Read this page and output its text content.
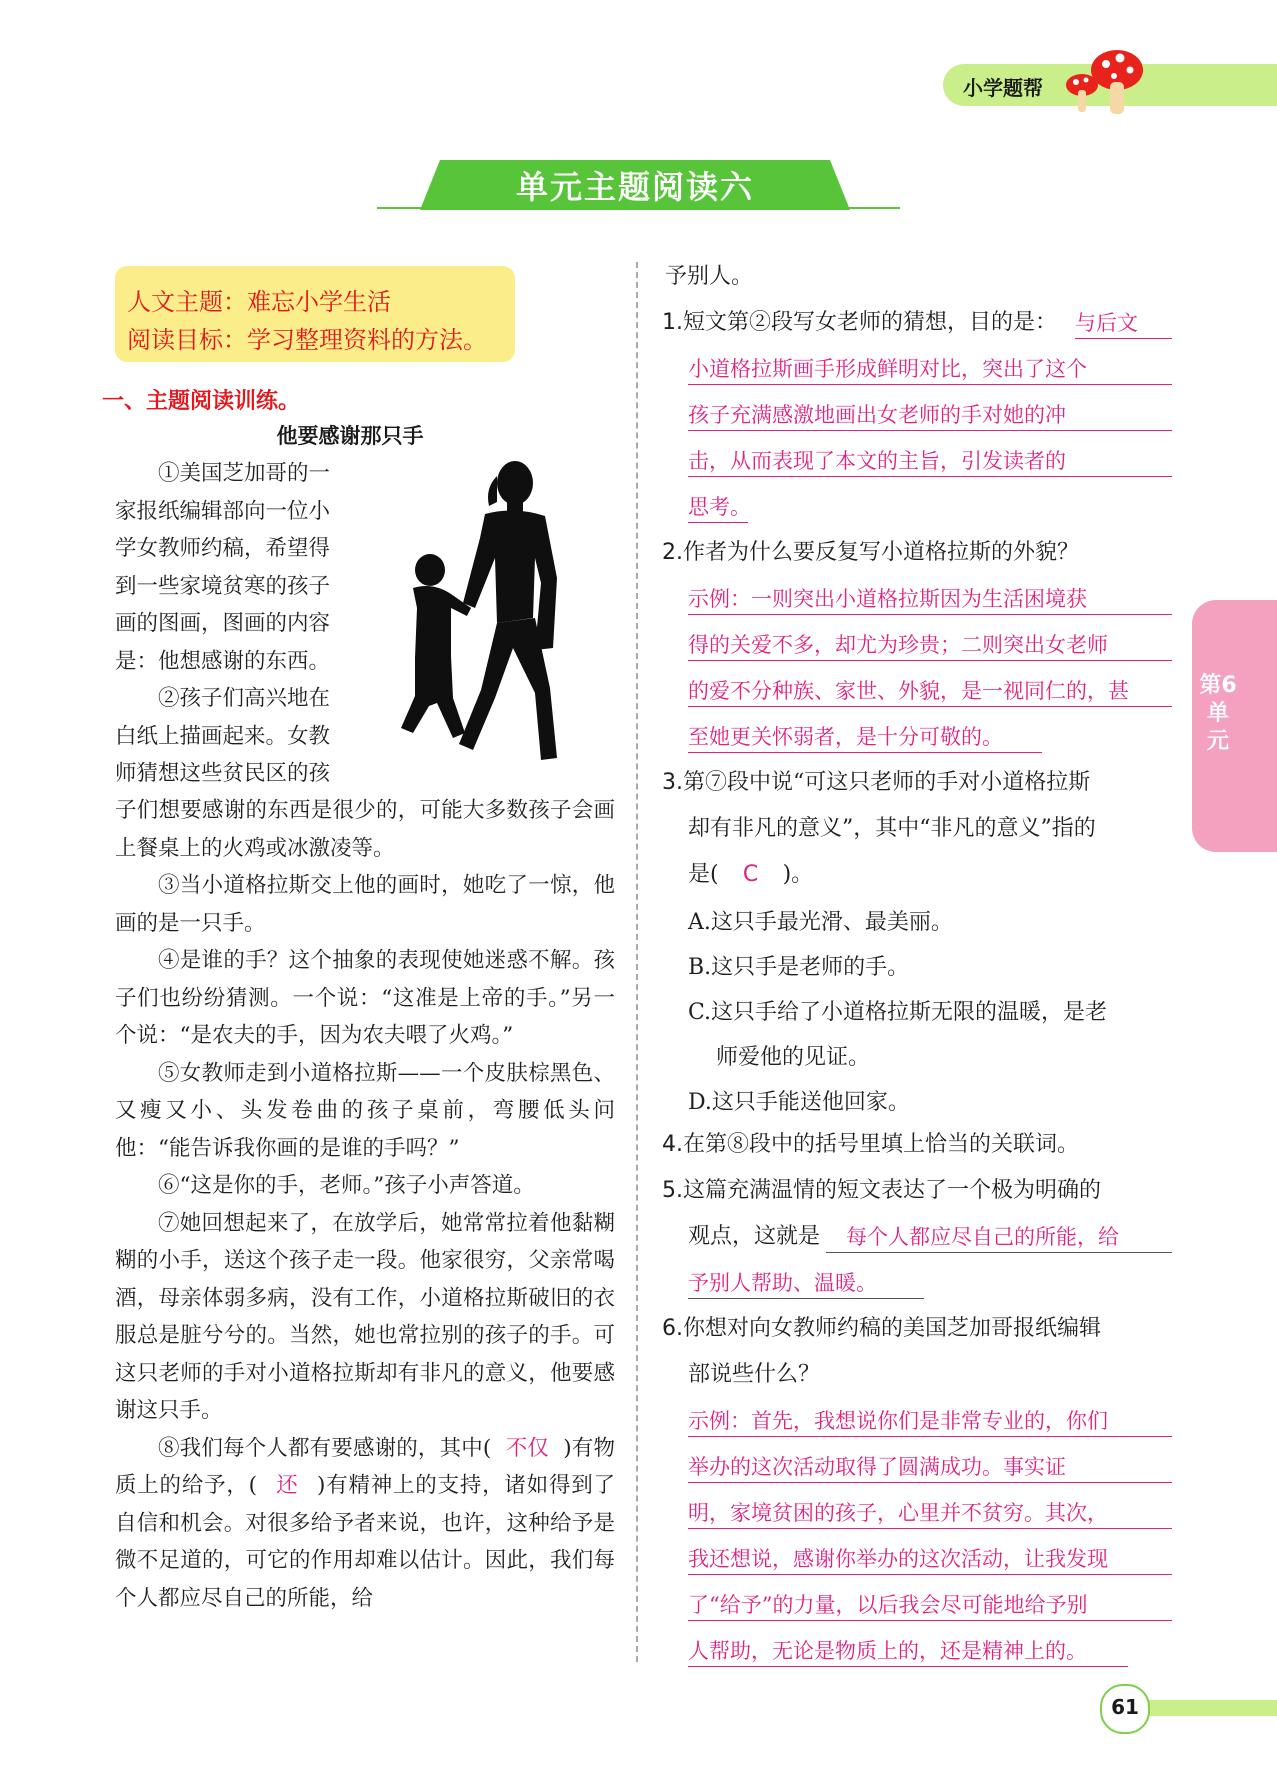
小学题帮
单元主题阅读六
人文主题：难忘小学生活
阅读目标：学习整理资料的方法。
一、主题阅读训练。
他要感谢那只手
①美国芝加哥的一
家报纸编辑部向一位小
学女教师约稿，希望得
到一些家境贫寒的孩子
画的图画，图画的内容
是：他想感谢的东西。
②孩子们高兴地在
白纸上描画起来。女教
师猜想这些贫民区的孩
子们想要感谢的东西是很少的，可能大多数孩子会画上餐桌上的火鸡或冰激凌等。

③当小道格拉斯交上他的画时，她吃了一惊，他画的是一只手。

④是谁的手？这个抽象的表现使她迷惑不解。孩子们也纷纷猜测。一个说：“这准是上帝的手。”另一个说：“是农夫的手，因为农夫喂了火鸡。”

⑤女教师走到小道格拉斯——一个皮肤棕黑色、又瘦又小、头发卷曲的孩子桌前，弯腰低头问他：“能告诉我你画的是谁的手吗？”

⑥“这是你的手，老师。”孩子小声答道。

⑦她回想起来了，在放学后，她常常拉着他黏糊糊的小手，送这个孩子走一段。他家很穷，父亲常喝酒，母亲体弱多病，没有工作，小道格拉斯破旧的衣服总是脏兮兮的。当然，她也常拉别的孩子的手。可这只老师的手对小道格拉斯却有非凡的意义，他要感谢这只手。

⑧我们每个人都有要感谢的，其中( 不仅 )有物质上的给予，( 还 )有精神上的支持，诸如得到了自信和机会。对很多给予者来说，也许，这种给予是微不足道的，可它的作用却难以估计。因此，我们每个人都应尽自己的所能，给

予别人。
1.短文第②段写女老师的猜想，目的是： 与后文
小道格拉斯画手形成鲜明对比，突出了这个
孩子充满感激地画出女老师的手对她的冲
击，从而表现了本文的主旨，引发读者的
思考。
2.作者为什么要反复写小道格拉斯的外貌？
示例：一则突出小道格拉斯因为生活困境获
得的关爱不多，却尤为珍贵；二则突出女老师
的爱不分种族、家世、外貌，是一视同仁的，甚
至她更关怀弱者，是十分可敬的。
3.第⑦段中说“可这只老师的手对小道格拉斯
却有非凡的意义”，其中“非凡的意义”指的
是( C )。
A.这只手最光滑、最美丽。
B.这只手是老师的手。
C.这只手给了小道格拉斯无限的温暖，是老
师爱他的见证。
D.这只手能送他回家。
4.在第⑧段中的括号里填上恰当的关联词。
5.这篇充满温情的短文表达了一个极为明确的
观点，这就是 每个人都应尽自己的所能，给
予别人帮助、温暖。
6.你想对向女教师约稿的美国芝加哥报纸编辑
部说些什么？
示例：首先，我想说你们是非常专业的，你们
举办的这次活动取得了圆满成功。事实证
明，家境贫困的孩子，心里并不贫穷。其次，
我还想说，感谢你举办的这次活动，让我发现
了“给予”的力量，以后我会尽可能地给予别
人帮助，无论是物质上的，还是精神上的。
第6单元
61
